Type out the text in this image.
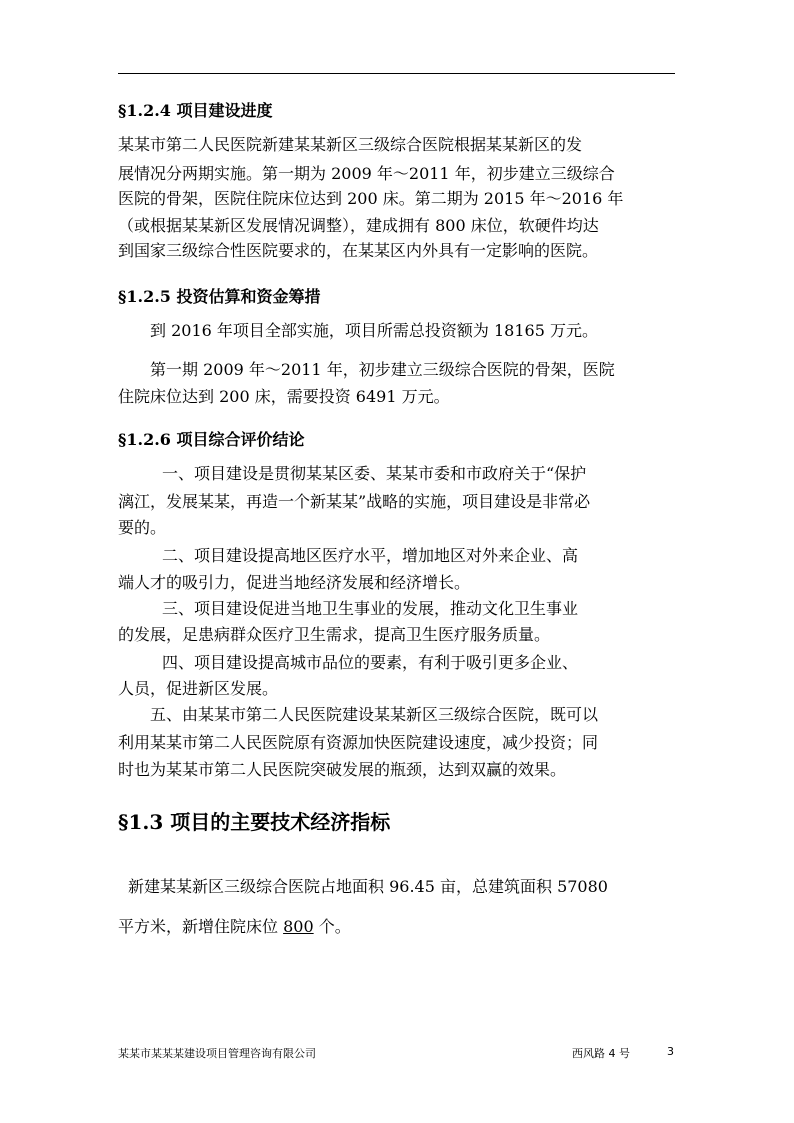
§1.2.4 项目建设进度
某某市第二人民医院新建某某新区三级综合医院根据某某新区的发
展情况分两期实施。第一期为 2009 年～2011 年，初步建立三级综合
医院的骨架，医院住院床位达到 200 床。第二期为 2015 年～2016 年
（或根据某某新区发展情况调整），建成拥有 800 床位，软硬件均达
到国家三级综合性医院要求的，在某某区内外具有一定影响的医院。
§1.2.5 投资估算和资金筹措
到 2016 年项目全部实施，项目所需总投资额为 18165 万元。
第一期 2009 年～2011 年，初步建立三级综合医院的骨架，医院
住院床位达到 200 床，需要投资 6491 万元。
§1.2.6 项目综合评价结论
一、项目建设是贯彻某某区委、某某市委和市政府关于“保护
漓江，发展某某，再造一个新某某”战略的实施，项目建设是非常必
要的。
二、项目建设提高地区医疗水平，增加地区对外来企业、高
端人才的吸引力，促进当地经济发展和经济增长。
三、项目建设促进当地卫生事业的发展，推动文化卫生事业
的发展，足患病群众医疗卫生需求，提高卫生医疗服务质量。
四、项目建设提高城市品位的要素，有利于吸引更多企业、
人员，促进新区发展。
五、由某某市第二人民医院建设某某新区三级综合医院，既可以
利用某某市第二人民医院原有资源加快医院建设速度，减少投资；同
时也为某某市第二人民医院突破发展的瓶颈，达到双赢的效果。
§1.3 项目的主要技术经济指标
新建某某新区三级综合医院占地面积 96.45 亩，总建筑面积 57080
平方米，新增住院床位 800 个。
某某市某某某建设项目管理咨询有限公司	西风路 4 号	3
